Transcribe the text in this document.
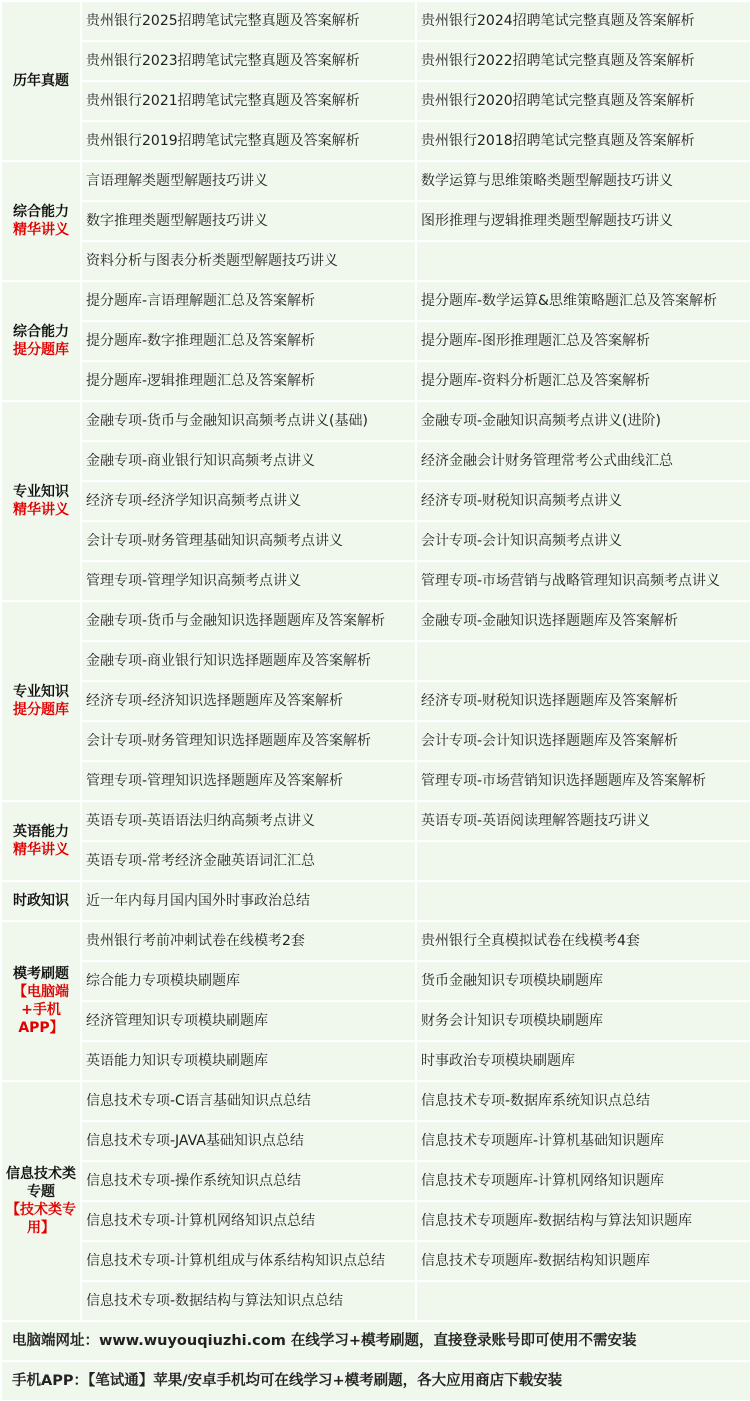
历年真题	贵州银行2025招聘笔试完整真题及答案解析	贵州银行2024招聘笔试完整真题及答案解析
	贵州银行2023招聘笔试完整真题及答案解析	贵州银行2022招聘笔试完整真题及答案解析
	贵州银行2021招聘笔试完整真题及答案解析	贵州银行2020招聘笔试完整真题及答案解析
	贵州银行2019招聘笔试完整真题及答案解析	贵州银行2018招聘笔试完整真题及答案解析

综合能力
精华讲义	言语理解类题型解题技巧讲义	数学运算与思维策略类题型解题技巧讲义
	数字推理类题型解题技巧讲义	图形推理与逻辑推理类题型解题技巧讲义
	资料分析与图表分析类题型解题技巧讲义	

综合能力
提分题库	提分题库-言语理解题汇总及答案解析	提分题库-数学运算&思维策略题汇总及答案解析
	提分题库-数字推理题汇总及答案解析	提分题库-图形推理题汇总及答案解析
	提分题库-逻辑推理题汇总及答案解析	提分题库-资料分析题汇总及答案解析

专业知识
精华讲义	金融专项-货币与金融知识高频考点讲义(基础)	金融专项-金融知识高频考点讲义(进阶)
	金融专项-商业银行知识高频考点讲义	经济金融会计财务管理常考公式曲线汇总
	经济专项-经济学知识高频考点讲义	经济专项-财税知识高频考点讲义
	会计专项-财务管理基础知识高频考点讲义	会计专项-会计知识高频考点讲义
	管理专项-管理学知识高频考点讲义	管理专项-市场营销与战略管理知识高频考点讲义

专业知识
提分题库	金融专项-货币与金融知识选择题题库及答案解析	金融专项-金融知识选择题题库及答案解析
	金融专项-商业银行知识选择题题库及答案解析	
	经济专项-经济知识选择题题库及答案解析	经济专项-财税知识选择题题库及答案解析
	会计专项-财务管理知识选择题题库及答案解析	会计专项-会计知识选择题题库及答案解析
	管理专项-管理知识选择题题库及答案解析	管理专项-市场营销知识选择题题库及答案解析

英语能力
精华讲义	英语专项-英语语法归纳高频考点讲义	英语专项-英语阅读理解答题技巧讲义
	英语专项-常考经济金融英语词汇汇总	

时政知识	近一年内每月国内国外时事政治总结	

模考刷题
【电脑端+手机APP】	贵州银行考前冲刺试卷在线模考2套	贵州银行全真模拟试卷在线模考4套
	综合能力专项模块刷题库	货币金融知识专项模块刷题库
	经济管理知识专项模块刷题库	财务会计知识专项模块刷题库
	英语能力知识专项模块刷题库	时事政治专项模块刷题库

信息技术类专题
【技术类专用】	信息技术专项-C语言基础知识点总结	信息技术专项-数据库系统知识点总结
	信息技术专项-JAVA基础知识点总结	信息技术专项题库-计算机基础知识题库
	信息技术专项-操作系统知识点总结	信息技术专项题库-计算机网络知识题库
	信息技术专项-计算机网络知识点总结	信息技术专项题库-数据结构与算法知识题库
	信息技术专项-计算机组成与体系结构知识点总结	信息技术专项题库-数据结构知识题库
	信息技术专项-数据结构与算法知识点总结	
电脑端网址：www.wuyouqiuzhi.com 在线学习+模考刷题，直接登录账号即可使用不需安装		
手机APP：【笔试通】苹果/安卓手机均可在线学习+模考刷题，各大应用商店下载安装		
